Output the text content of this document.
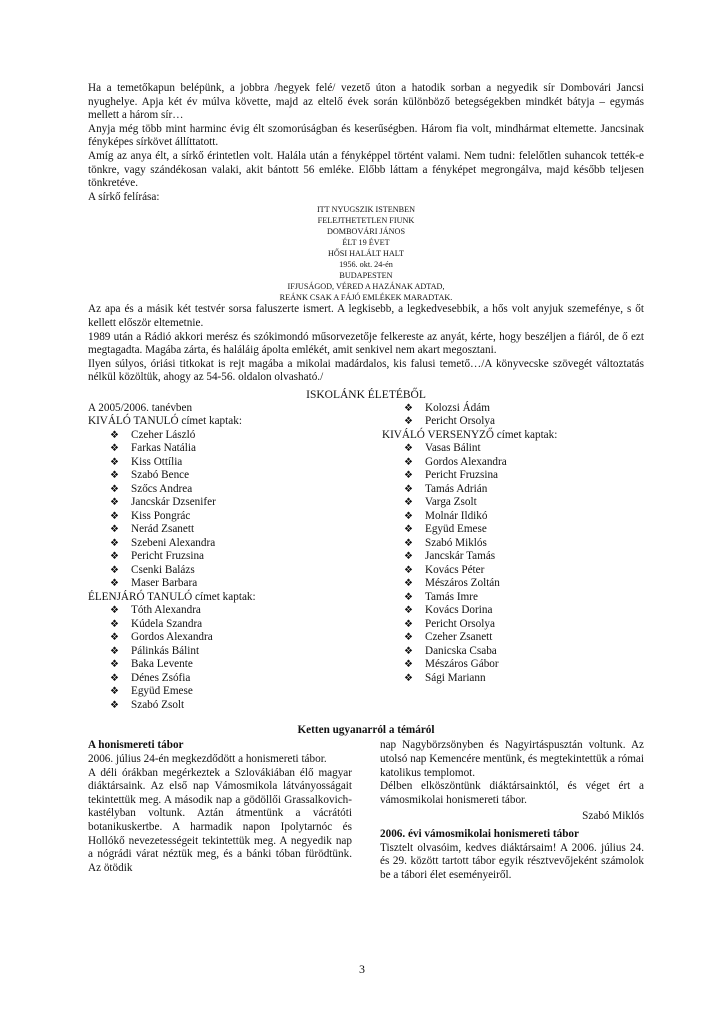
Ha a temetőkapun belépünk, a jobbra /hegyek felé/ vezető úton a hatodik sorban a negyedik sír Dombovári Jancsi nyughelye. Apja két év múlva követte, majd az eltelő évek során különböző betegségekben mindkét bátyja – egymás mellett a három sír…

Anyja még több mint harminc évig élt szomorúságban és keserűségben. Három fia volt, mindhármat eltemette. Jancsinak fényképes sírkövet állíttatott.

Amíg az anya élt, a sírkő érintetlen volt. Halála után a fényképpel történt valami. Nem tudni: felelőtlen suhancok tették-e tönkre, vagy szándékosan valaki, akit bántott 56 emléke. Előbb láttam a fényképet megrongálva, majd később teljesen tönkretéve.

A sírkő felírása:

ITT NYUGSZIK ISTENBEN
FELEJTHETETLEN FIUNK
DOMBOVÁRI JÁNOS
ÉLT 19 ÉVET
HŐSI HALÁLT HALT
1956. okt. 24-én
BUDAPESTEN
IFJUSÁGOD, VÉRED A HAZÁNAK ADTAD,
REÁNK CSAK A FÁJÓ EMLÉKEK MARADTAK.

Az apa és a másik két testvér sorsa faluszerte ismert. A legkisebb, a legkedvesebbik, a hős volt anyjuk szemefénye, s őt kellett először eltemetnie.

1989 után a Rádió akkori merész és szókimondó műsorvezetője felkereste az anyát, kérte, hogy beszéljen a fiáról, de ő ezt megtagadta. Magába zárta, és haláláig ápolta emlékét, amit senkivel nem akart megosztani.

Ilyen súlyos, óriási titkokat is rejt magába a mikolai madárdalos, kis falusi temető…/A könyvecske szövegét változtatás nélkül közöltük, ahogy az 54-56. oldalon olvasható./

ISKOLÁNK ÉLETÉBŐL
A 2005/2006. tanévben
KIVÁLÓ TANULÓ címet kaptak:
❖ Czeher László
❖ Farkas Natália
❖ Kiss Ottília
❖ Szabó Bence
❖ Szőcs Andrea
❖ Jancskár Dzsenifer
❖ Kiss Pongrác
❖ Nerád Zsanett
❖ Szebeni Alexandra
❖ Pericht Fruzsina
❖ Csenki Balázs
❖ Maser Barbara
ÉLENJÁRÓ TANULÓ címet kaptak:
❖ Tóth Alexandra
❖ Kúdela Szandra
❖ Gordos Alexandra
❖ Pálinkás Bálint
❖ Baka Levente
❖ Dénes Zsófia
❖ Együd Emese
❖ Szabó Zsolt
❖ Kolozsi Ádám
❖ Pericht Orsolya
KIVÁLÓ VERSENYZŐ címet kaptak:
❖ Vasas Bálint
❖ Gordos Alexandra
❖ Pericht Fruzsina
❖ Tamás Adrián
❖ Varga Zsolt
❖ Molnár Ildikó
❖ Együd Emese
❖ Szabó Miklós
❖ Jancskár Tamás
❖ Kovács Péter
❖ Mészáros Zoltán
❖ Tamás Imre
❖ Kovács Dorina
❖ Pericht Orsolya
❖ Czeher Zsanett
❖ Danicska Csaba
❖ Mészáros Gábor
❖ Sági Mariann
Ketten ugyanarról a témáról
A honismereti tábor

2006. július 24-én megkezdődött a honismereti tábor.

A déli órákban megérkeztek a Szlovákiában élő magyar diáktársaink. Az első nap Vámosmikola látványosságait tekintettük meg. A második nap a gödöllői Grassalkovich-kastélyban voltunk. Aztán átmentünk a vácrátóti botanikuskertbe. A harmadik napon Ipolytarnóc és Hollókő nevezetességeit tekintettük meg. A negyedik nap a nógrádi várat néztük meg, és a bánki tóban fürödtünk. Az ötödik

nap Nagybörzsönyben és Nagyirtáspusztán voltunk. Az utolsó nap Kemencére mentünk, és megtekintettük a római katolikus templomot.

Délben elköszöntünk diáktársainktól, és véget ért a vámosmikolai honismereti tábor.

Szabó Miklós
2006. évi vámosmikolai honismereti tábor

Tisztelt olvasóim, kedves diáktársaim! A 2006. július 24. és 29. között tartott tábor egyik résztvevőjeként számolok be a tábori élet eseményeiről.

3
